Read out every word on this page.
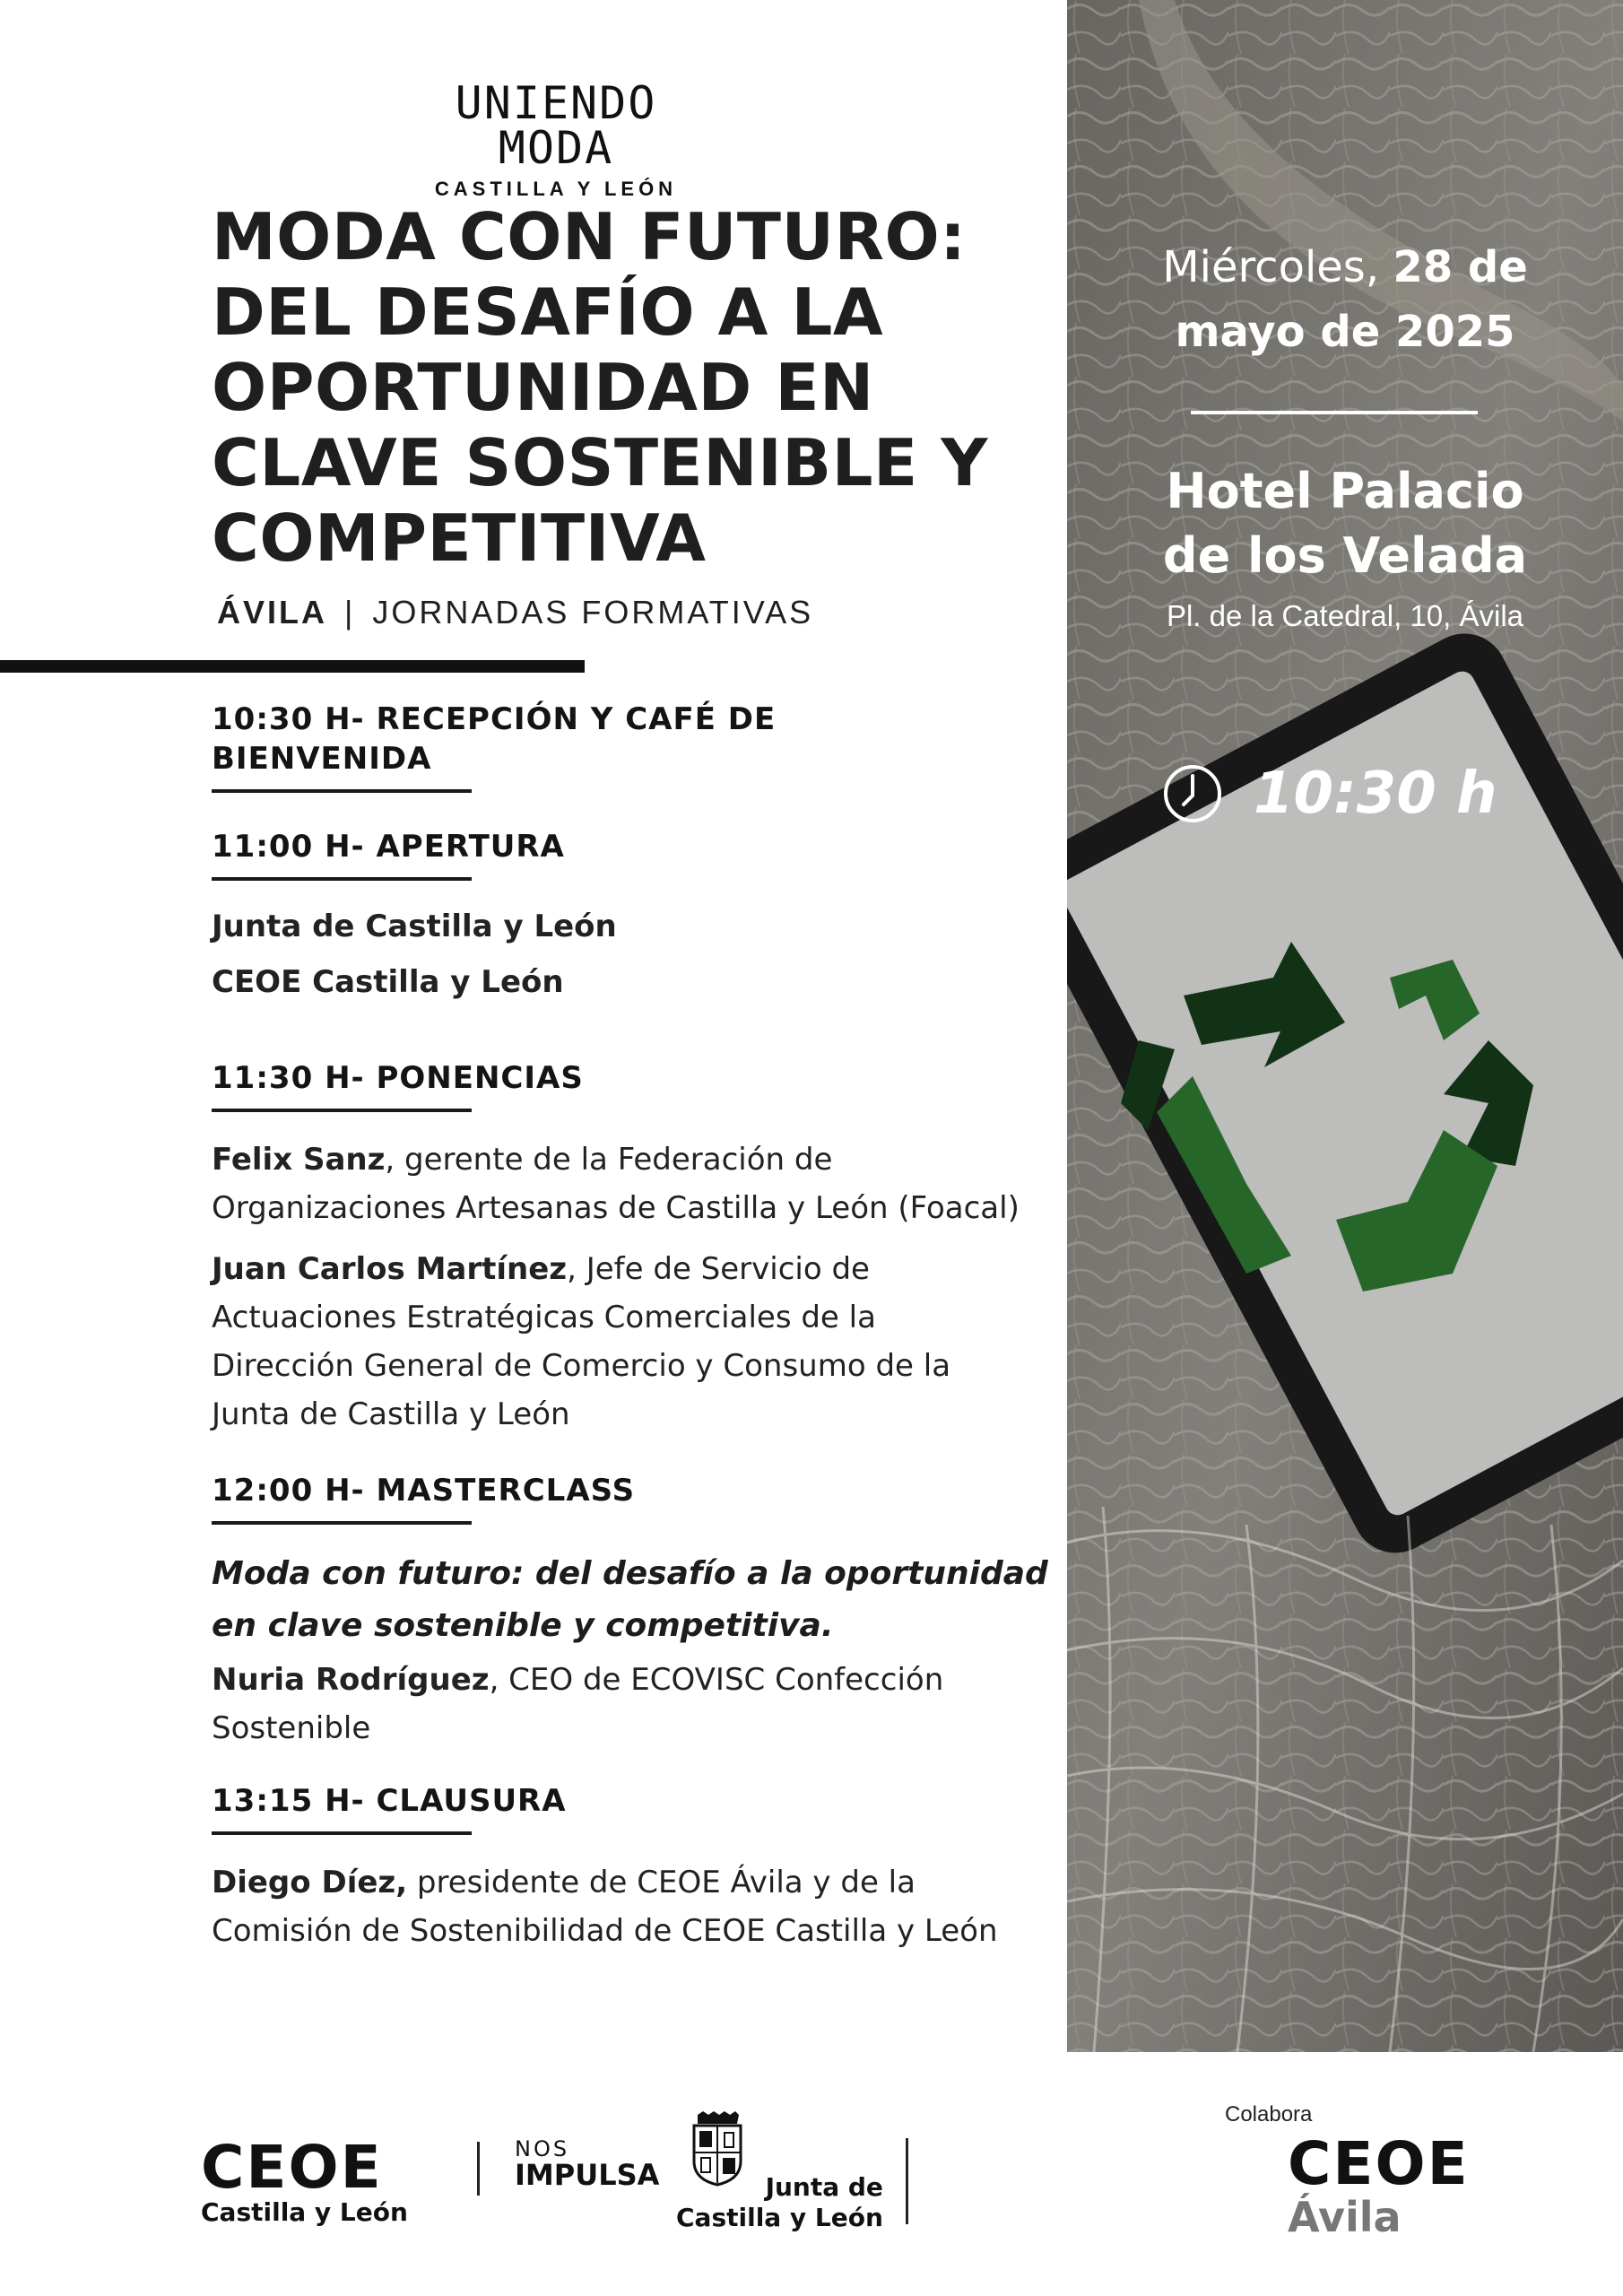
UNIENDO MODA
CASTILLA Y LEÓN
MODA CON FUTURO:
DEL DESAFÍO A LA
OPORTUNIDAD EN
CLAVE SOSTENIBLE Y
COMPETITIVA
ÁVILA | JORNADAS FORMATIVAS
10:30 H- RECEPCIÓN Y CAFÉ DE
BIENVENIDA
11:00 H- APERTURA
Junta de Castilla y León
CEOE Castilla y León
11:30 H- PONENCIAS
Felix Sanz, gerente de la Federación de
Organizaciones Artesanas de Castilla y León (Foacal)
Juan Carlos Martínez, Jefe de Servicio de
Actuaciones Estratégicas Comerciales de la
Dirección General de Comercio y Consumo de la
Junta de Castilla y León
12:00 H- MASTERCLASS
Moda con futuro: del desafío a la oportunidad
en clave sostenible y competitiva.
Nuria Rodríguez, CEO de ECOVISC Confección
Sostenible
13:15 H- CLAUSURA
Diego Díez, presidente de CEOE Ávila y de la
Comisión de Sostenibilidad de CEOE Castilla y León
Miércoles, 28 de
mayo de 2025
Hotel Palacio
de los Velada
Pl. de la Catedral, 10, Ávila
10:30 h
CEOE
Castilla y León
NOS
IMPULSA	Junta de
Castilla y León
Colabora
CEOE
Ávila
